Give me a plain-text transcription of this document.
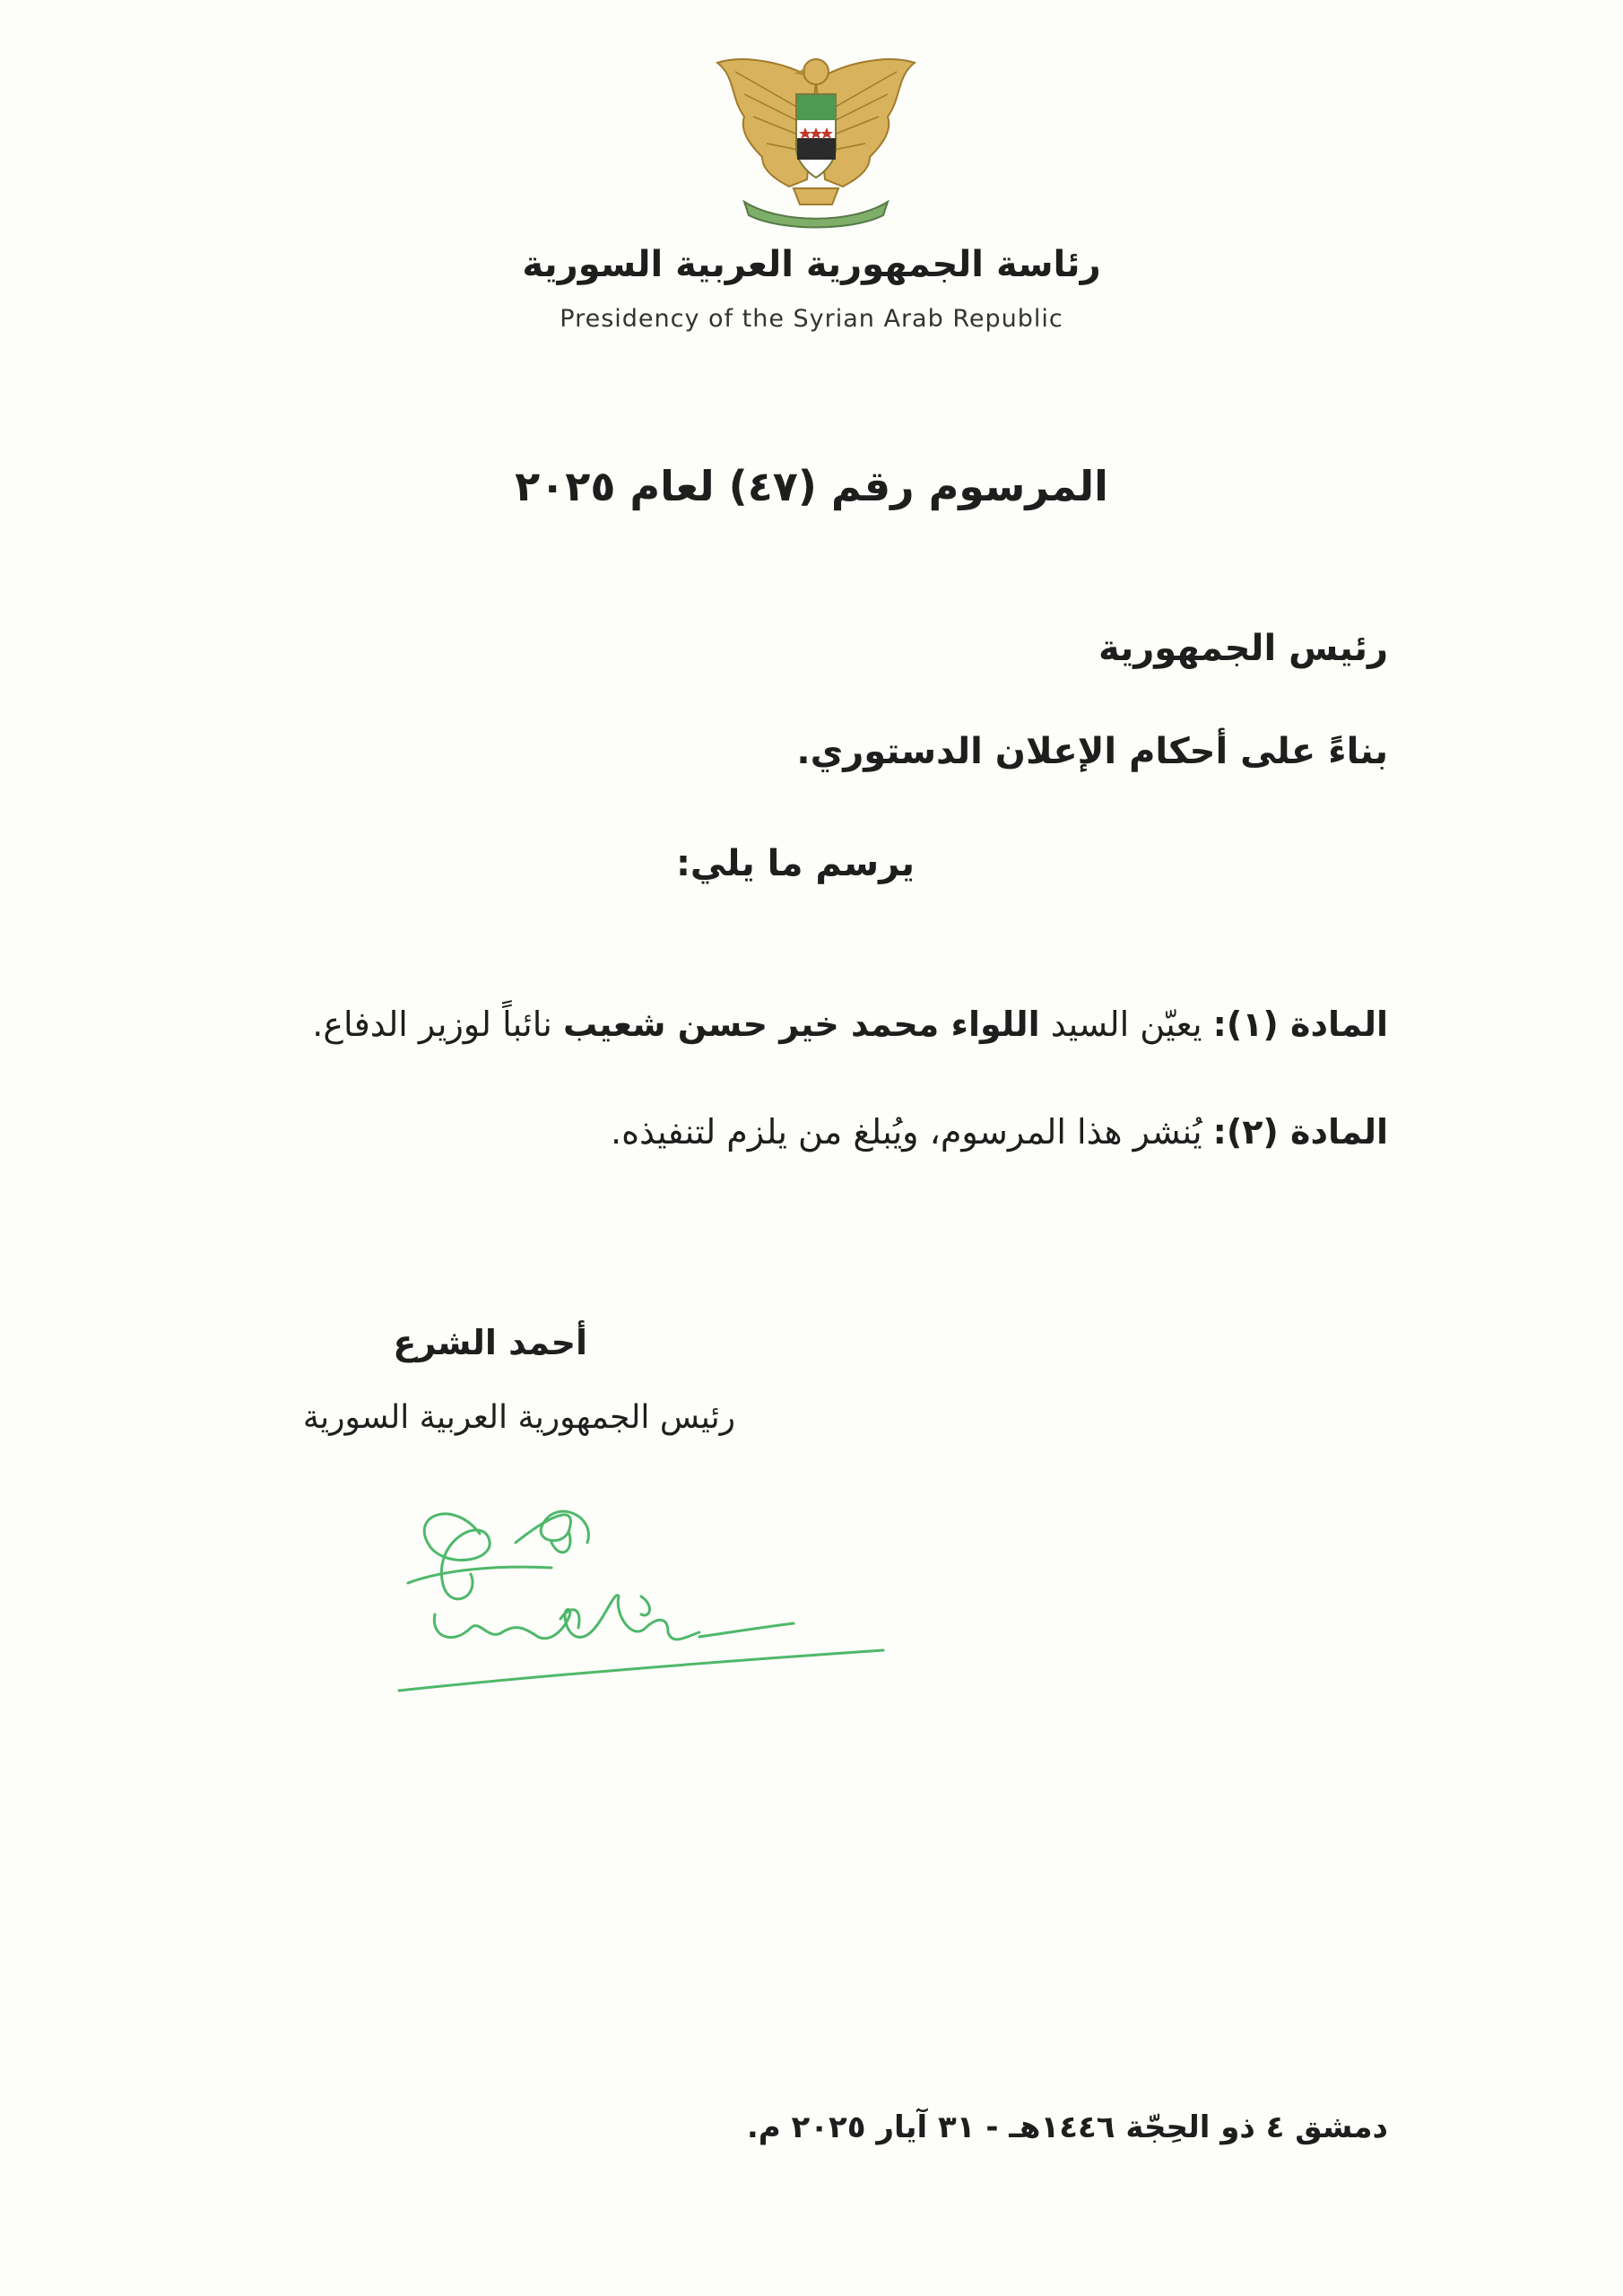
رئاسة الجمهورية العربية السورية
Presidency of the Syrian Arab Republic
المرسوم رقم (٤٧) لعام ٢٠٢٥
رئيس الجمهورية
بناءً على أحكام الإعلان الدستوري.
يرسم ما يلي:
المادة (١): يعيّن السيد اللواء محمد خير حسن شعيب نائباً لوزير الدفاع.
المادة (٢): يُنشر هذا المرسوم، ويُبلغ من يلزم لتنفيذه.
أحمد الشرع
رئيس الجمهورية العربية السورية
دمشق ٤ ذو الحِجّة ١٤٤٦هـ - ٣١ آيار ٢٠٢٥ م.
